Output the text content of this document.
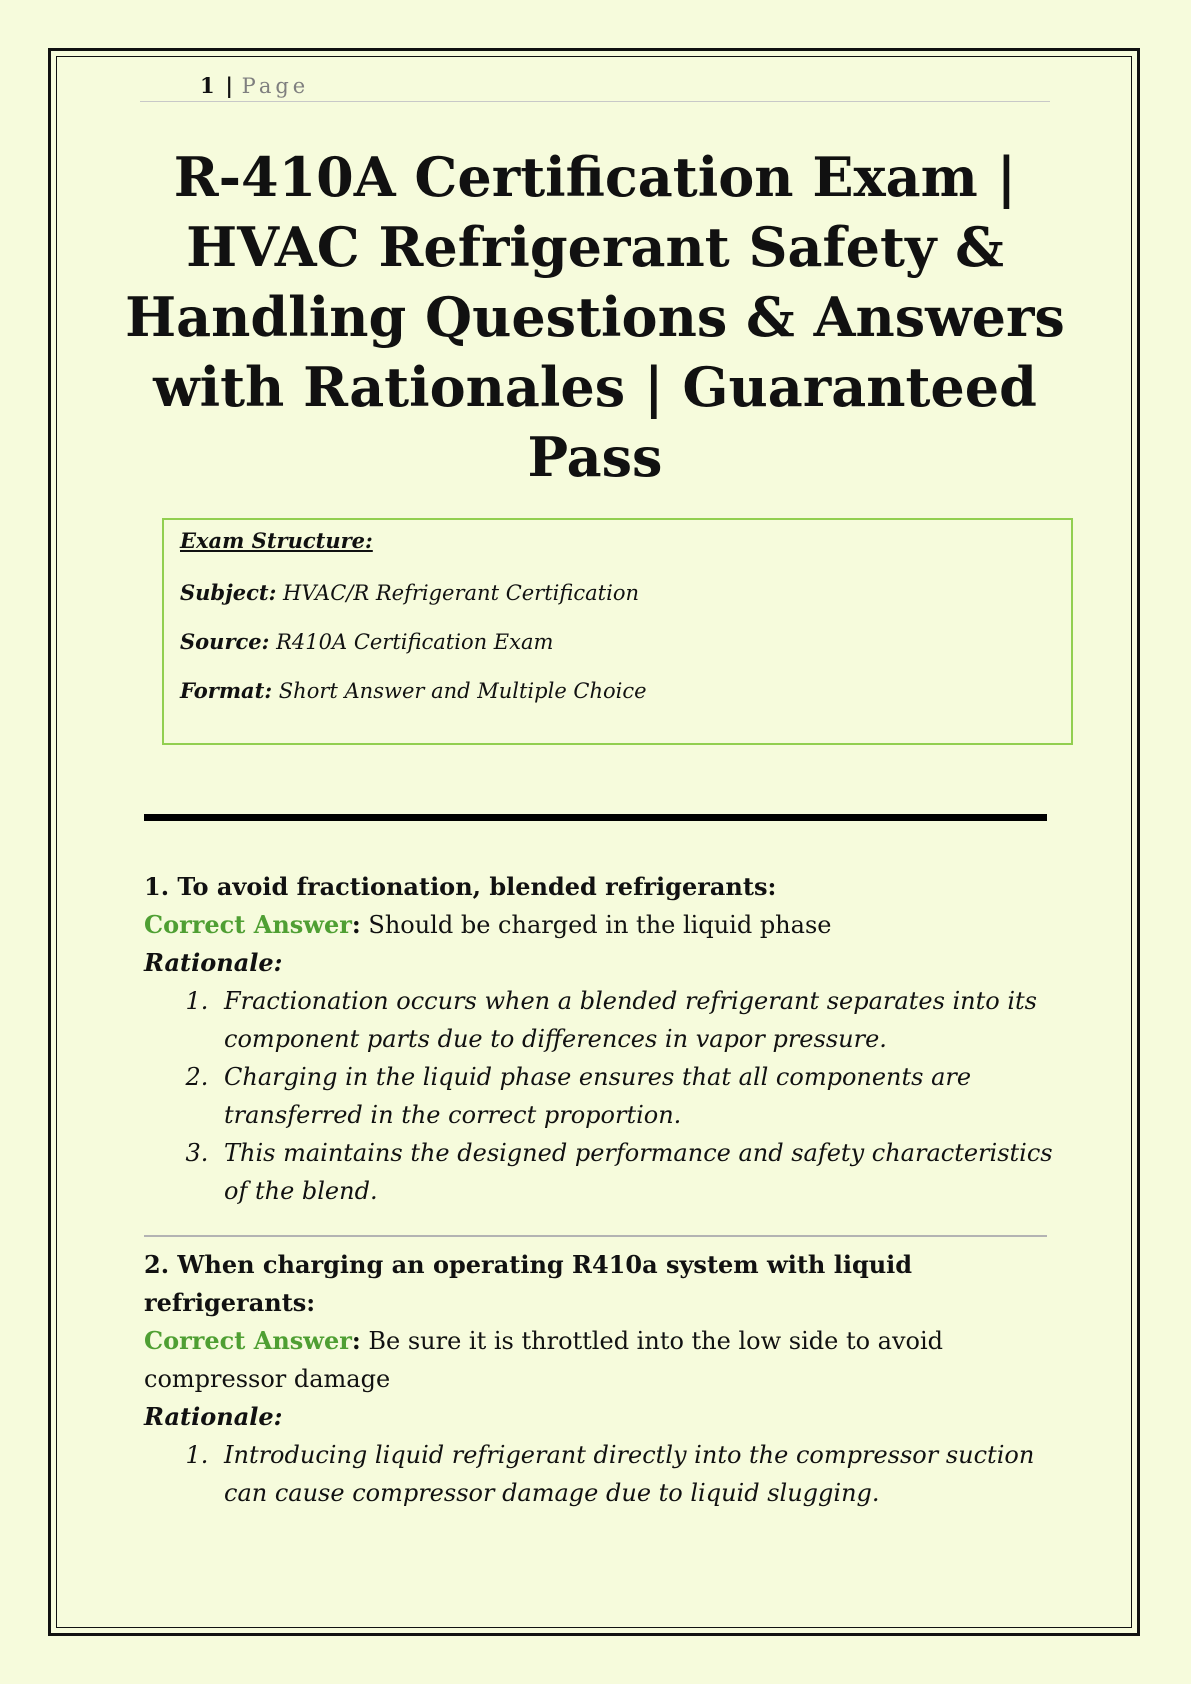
1 | Page
R-410A Certification Exam | HVAC Refrigerant Safety & Handling Questions & Answers with Rationales | Guaranteed Pass
Exam Structure:
Subject: HVAC/R Refrigerant Certification
Source: R410A Certification Exam
Format: Short Answer and Multiple Choice
1. To avoid fractionation, blended refrigerants:
Correct Answer: Should be charged in the liquid phase
Rationale:
1. Fractionation occurs when a blended refrigerant separates into its component parts due to differences in vapor pressure.
2. Charging in the liquid phase ensures that all components are transferred in the correct proportion.
3. This maintains the designed performance and safety characteristics of the blend.
2. When charging an operating R410a system with liquid refrigerants:
Correct Answer: Be sure it is throttled into the low side to avoid compressor damage
Rationale:
1. Introducing liquid refrigerant directly into the compressor suction can cause compressor damage due to liquid slugging.
